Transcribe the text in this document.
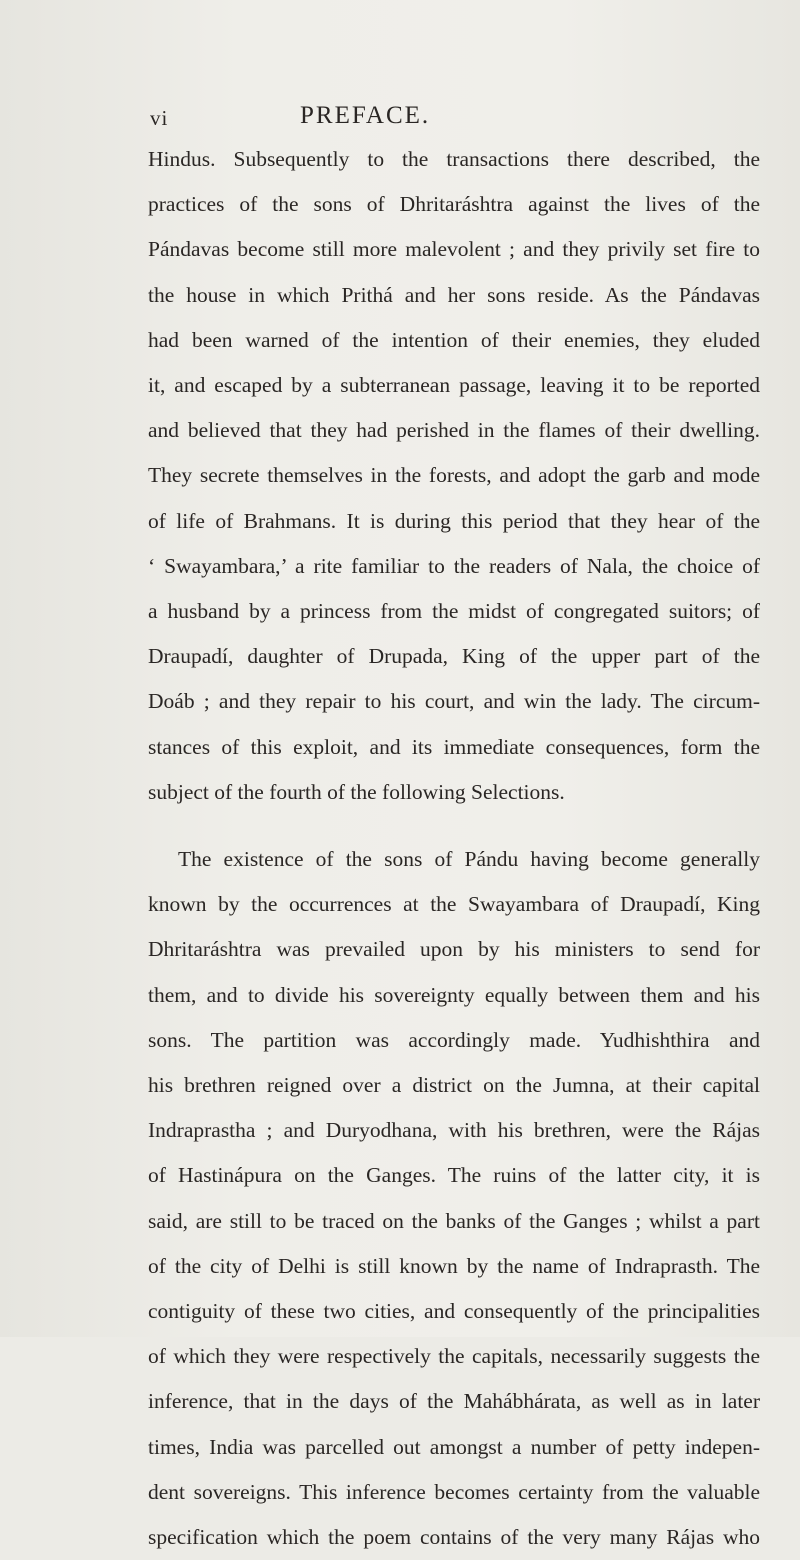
vi	PREFACE.

Hindus. Subsequently to the transactions there described, the
practices of the sons of Dhritaráshtra against the lives of the
Pándavas become still more malevolent ; and they privily set fire to
the house in which Prithá and her sons reside. As the Pándavas
had been warned of the intention of their enemies, they eluded
it, and escaped by a subterranean passage, leaving it to be reported
and believed that they had perished in the flames of their dwelling.
They secrete themselves in the forests, and adopt the garb and mode
of life of Brahmans. It is during this period that they hear of the
‘ Swayambara,’ a rite familiar to the readers of Nala, the choice of
a husband by a princess from the midst of congregated suitors; of
Draupadí, daughter of Drupada, King of the upper part of the
Doáb ; and they repair to his court, and win the lady. The circum-
stances of this exploit, and its immediate consequences, form the
subject of the fourth of the following Selections.

The existence of the sons of Pándu having become generally
known by the occurrences at the Swayambara of Draupadí, King
Dhritaráshtra was prevailed upon by his ministers to send for
them, and to divide his sovereignty equally between them and his
sons. The partition was accordingly made. Yudhishthira and
his brethren reigned over a district on the Jumna, at their capital
Indraprastha ; and Duryodhana, with his brethren, were the Rájas
of Hastinápura on the Ganges. The ruins of the latter city, it is
said, are still to be traced on the banks of the Ganges ; whilst a part
of the city of Delhi is still known by the name of Indraprasth. The
contiguity of these two cities, and consequently of the principalities
of which they were respectively the capitals, necessarily suggests the
inference, that in the days of the Mahábhárata, as well as in later
times, India was parcelled out amongst a number of petty indepen-
dent sovereigns. This inference becomes certainty from the valuable
specification which the poem contains of the very many Rájas who
